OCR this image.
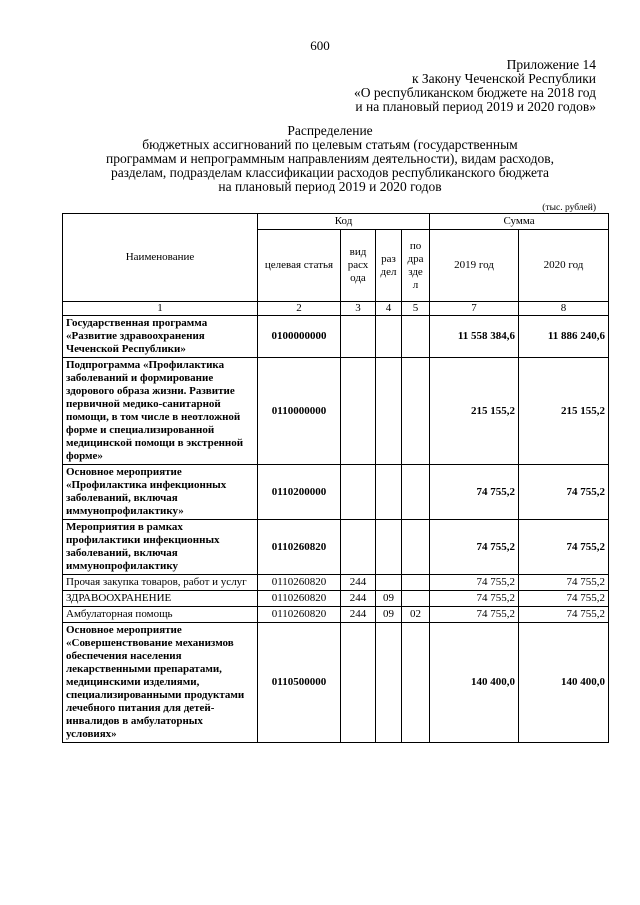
600
Приложение 14
к Закону Чеченской Республики
«О республиканском бюджете на 2018 год
и на плановый период 2019 и 2020 годов»
Распределение
бюджетных ассигнований по целевым статьям (государственным
программам и непрограммным направлениям деятельности), видам расходов,
разделам, подразделам классификации расходов республиканского бюджета
на плановый период 2019 и 2020 годов
(тыс. рублей)
Наименование	Код				Сумма	
	целевая статья	вид расх ода	раз дел	по дра зде л	2019 год	2020 год
1	2	3	4	5	7	8
Государственная программа «Развитие здравоохранения Чеченской Республики»	0100000000				11 558 384,6	11 886 240,6
Подпрограмма «Профилактика заболеваний и формирование здорового образа жизни. Развитие первичной медико-санитарной помощи, в том числе в неотложной форме и специализированной медицинской помощи в экстренной форме»	0110000000				215 155,2	215 155,2
Основное мероприятие «Профилактика инфекционных заболеваний, включая иммунопрофилактику»	0110200000				74 755,2	74 755,2
Мероприятия в рамках профилактики инфекционных заболеваний, включая иммунопрофилактику	0110260820				74 755,2	74 755,2
Прочая закупка товаров, работ и услуг	0110260820	244			74 755,2	74 755,2
ЗДРАВООХРАНЕНИЕ	0110260820	244	09		74 755,2	74 755,2
Амбулаторная помощь	0110260820	244	09	02	74 755,2	74 755,2
Основное мероприятие «Совершенствование механизмов обеспечения населения лекарственными препаратами, медицинскими изделиями, специализированными продуктами лечебного питания для детей-инвалидов в амбулаторных условиях»	0110500000				140 400,0	140 400,0
